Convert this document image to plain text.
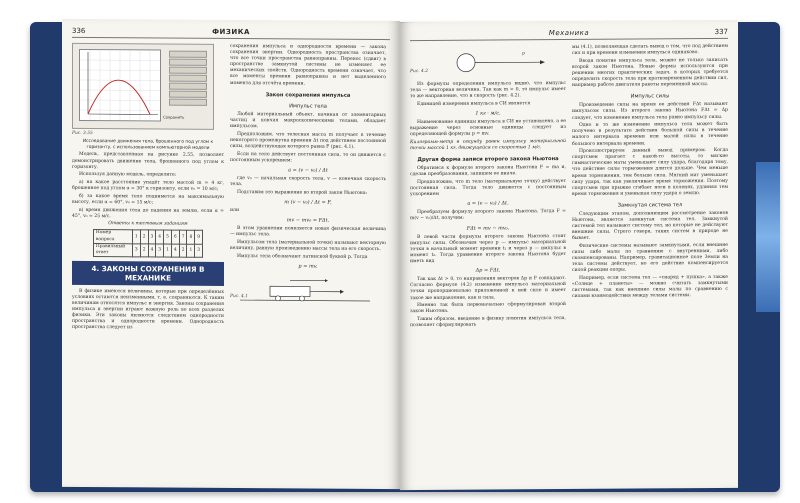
336	ФИЗИКА
Сохранить

Рис. 3.55

Исследование движения тела, брошенного под углом к горизонту, с использованием компьютерной модели

Модель, представленная на рисунке 2.55, позволяет демонстрировать движение тела, брошенного под углом к горизонту.

Используя данную модель, определите:

а) на какое расстояние упадёт тело массой m = 4 кг, брошенное под углом α = 30° к горизонту, если v₀ = 10 м/с;

б) за какое время тело поднимется на максимальную высоту, если α = 60°, v₀ = 15 м/с;

в) время движения тела до падения на землю, если α = 45°, v₀ = 25 м/с.

Ответы к тестовым заданиям

Номер вопроса	1	2	3	4	5	6	7	8	9
Правильный ответ	3	2	4	3	1	4	2	1	3
4. ЗАКОНЫ СОХРАНЕНИЯ В МЕХАНИКЕ

В физике имеются величины, которые при определённых условиях остаются неизменными, т. е. сохраняются. К таким величинам относятся импульс и энергия. Законы сохранения импульса и энергии играют важную роль во всех разделах физики. Эти законы являются следствием однородности пространства и однородности времени. Однородность пространства следует из

сохранения импульса и однородности времени — закона сохранения энергии. Однородность пространства означает, что все точки пространства равноправны. Перенос (сдвиг) в пространстве замкнутой системы не изменяет ее механических свойств. Однородность времени означает, что все моменты времени равноправны и нет выделенного момента для отсчёта времени.

Закон сохранения импульса

Импульс тела

Любой материальный объект, начиная от элементарных частиц и кончая макроскопическими телами, обладает импульсом.

Предположим, что телесная масса m получает в течение некоторого промежутка времени Δt под действием постоянной силы, воздействующая которого равна F (рис. 4.1).

Если на тело действует постоянная сила, то он движется с постоянным ускорением:

a = (v − v₀) / Δt

где v₀ — начальная скорость тела, v — конечная скорость тела.

Подставим это выражение во второй закон Ньютона:

m (v − v₀) / Δt = F,

или

mv − mv₀ = FΔt.

В этом уравнении появляется новая физическая величина — импульс тела.

Импульсом тела (материальной точки) называют векторную величину, равную произведению массы тела на его скорость.

Импульс тела обозначают латинской буквой p. Тогда

p = mv.

Рис. 4.1
Механика	337
Рис. 4.2
p

Из формулы определения импульса видно, что импульс тела — векторная величина. Так как m > 0, то импульс имеет то же направление, что и скорость (рис. 4.2).

Единицей измерения импульса в СИ является

1 кг · м/с.

Наименование единицы импульса в СИ не установлено, а ее выражение через основные единицы следует из определяющей формулы p = mv.

Килограмм-метр в секунду равен импульсу материальной точки массой 1 кг, движущейся со скоростью 1 м/с.

Другая форма записи второго закона Ньютона

Обратимся к формуле второго закона Ньютона F = ma и, сделав преобразования, запишем ее иначе.

Предположим, что m тело (материальную точку) действует постоянная сила. Тогда тело движется с постоянным ускорением

a = (v − v₀) / Δt.

Преобразуем формулу второго закона Ньютона. Тогда F = m(v − v₀)/Δt, получим:

FΔt = mv − mv₀.

В левой части формулы второго закона Ньютона стоит импульс силы. Обозначим через p — импульс материальной точки в начальный момент времени t₁ и через p — импульс в момент t₂. Тогда уравнение второго закона Ньютона будет иметь вид

Δp = FΔt.

Так как Δt > 0, то направления векторов Δp и F совпадают. Согласно формуле (4.2) изменение импульса материальной точки пропорционально приложенной к ней силе и имеет такое же направление, как и сила.

Именно так была первоначально сформулирован второй закон Ньютона.

Таким образом, введение в физику понятия импульса тела, позволяет сформулировать

мы (4.1), позволяющая сделать вывод о том, что под действием сил и при времени изменения импульса одинаково.

Вводя понятие импульса тела, можно не только записать второй закон Ньютона. Новые формы используются при решении многих практических задач, в которых требуется определить скорость тела при кратковременном действии сил, например работе двигателя ракеты переменной массы.

Импульс силы

Произведение силы на время ее действия FΔt называют импульсом силы. Из второго закона Ньютона FΔt = Δp следует, что изменение импульса тела равно импульсу силы.

Одно и то же изменение импульса тела может быть получено в результате действия большой силы в течение малого интервала времени или малой силы в течение большого интервала времени.

Проиллюстрируем данный вывод примером. Когда спортсмен прыгает с какой-то высоты, то мягкие гимнастические маты уменьшают силу удара, благодаря тому, что действие силы торможения длится дольше. Чем меньше время торможения, тем больше сила. Мягкий мат уменьшает силу удара, так как увеличивает время торможения. Поэтому спортсмен при прыжке сгибает ноги в коленях, удлиняя тем время торможения и уменьшая силу удара о землю.

Замкнутая система тел

Следующим этапом, дополняющим рассмотрение законов Ньютона, является замкнутая система тел. Замкнутой системой тел называют систему тел, на которые не действуют внешние силы. Строго говоря, таких систем в природе не бывает.

Физические системы называют замкнутыми, если внешние силы либо малы по сравнению с внутренними, либо скомпенсированы. Например, гравитационное поле Земли на тела системы действует, но его действие компенсируется силой реакции опоры.

Например, если система тел — «снаряд + пушка», а также «Солнце + планеты» — можно считать замкнутыми системами, так как внешние силы малы по сравнению с силами взаимодействия между телами системы.
